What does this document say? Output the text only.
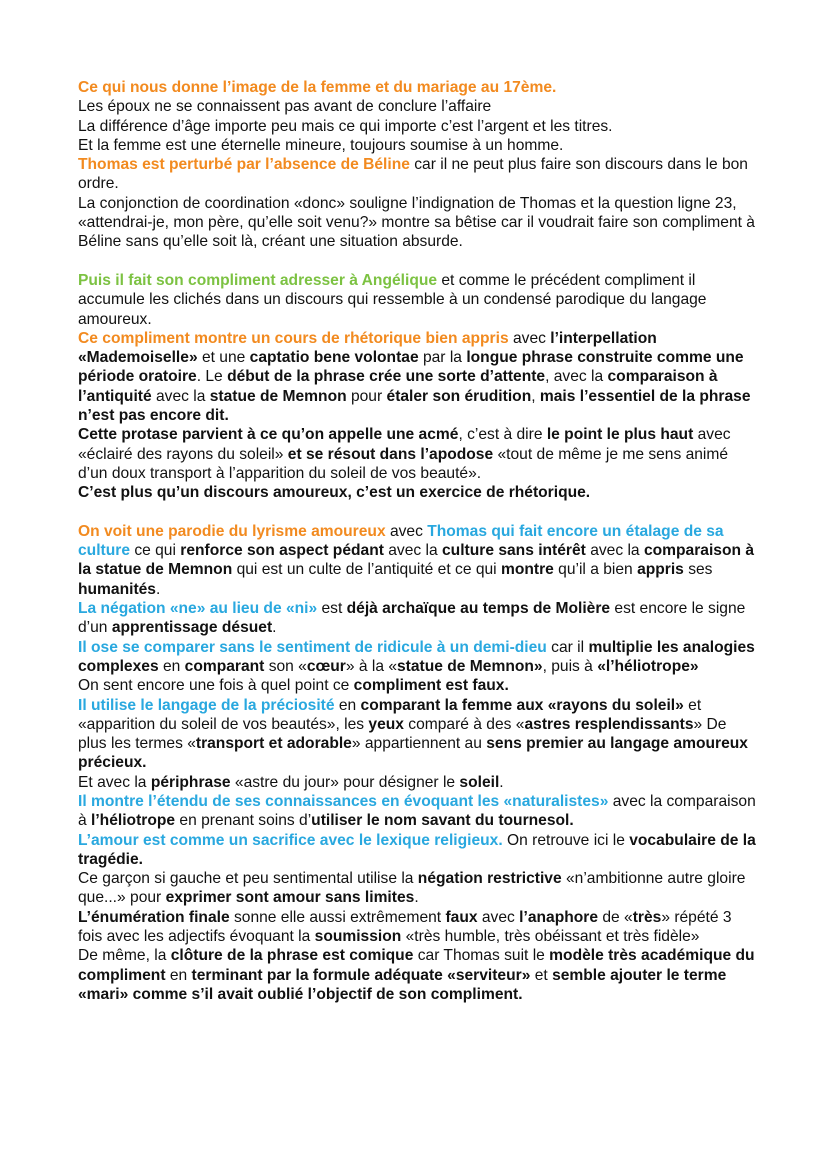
Ce qui nous donne l’image de la femme et du mariage au 17ème.

Les époux ne se connaissent pas avant de conclure l’affaire

La différence d’âge importe peu mais ce qui importe c’est l’argent et les titres.

Et la femme est une éternelle mineure, toujours soumise à un homme.

Thomas est perturbé par l’absence de Béline car il ne peut plus faire son discours dans le bon ordre.

La conjonction de coordination «donc» souligne l’indignation de Thomas et la question ligne 23, «attendrai-je, mon père, qu’elle soit venu?» montre sa bêtise car il voudrait faire son compliment à Béline sans qu’elle soit là, créant une situation absurde.

Puis il fait son compliment adresser à Angélique et comme le précédent compliment il accumule les clichés dans un discours qui ressemble à un condensé parodique du langage amoureux.

Ce compliment montre un cours de rhétorique bien appris avec l’interpellation «Mademoiselle» et une captatio bene volontae par la longue phrase construite comme une période oratoire. Le début de la phrase crée une sorte d’attente, avec la comparaison à l’antiquité avec la statue de Memnon pour étaler son érudition, mais l’essentiel de la phrase n’est pas encore dit.

Cette protase parvient à ce qu’on appelle une acmé, c’est à dire le point le plus haut avec «éclairé des rayons du soleil» et se résout dans l’apodose «tout de même je me sens animé d’un doux transport à l’apparition du soleil de vos beauté».

C’est plus qu’un discours amoureux, c’est un exercice de rhétorique.

On voit une parodie du lyrisme amoureux avec Thomas qui fait encore un étalage de sa culture ce qui renforce son aspect pédant avec la culture sans intérêt avec la comparaison à la statue de Memnon qui est un culte de l’antiquité et ce qui montre qu’il a bien appris ses humanités.

La négation «ne» au lieu de «ni» est déjà archaïque au temps de Molière est encore le signe d’un apprentissage désuet.

Il ose se comparer sans le sentiment de ridicule à un demi-dieu car il multiplie les analogies complexes en comparant son «cœur» à la «statue de Memnon», puis à «l’héliotrope»

On sent encore une fois à quel point ce compliment est faux.

Il utilise le langage de la préciosité en comparant la femme aux «rayons du soleil» et «apparition du soleil de vos beautés», les yeux comparé à des «astres resplendissants» De plus les termes «transport et adorable» appartiennent au sens premier au langage amoureux précieux.

Et avec la périphrase «astre du jour» pour désigner le soleil.

Il montre l’étendu de ses connaissances en évoquant les «naturalistes» avec la comparaison à l’héliotrope en prenant soins d’utiliser le nom savant du tournesol.

L’amour est comme un sacrifice avec le lexique religieux. On retrouve ici le vocabulaire de la tragédie.

Ce garçon si gauche et peu sentimental utilise la négation restrictive «n’ambitionne autre gloire que...» pour exprimer sont amour sans limites.

L’énumération finale sonne elle aussi extrêmement faux avec l’anaphore de «très» répété 3 fois avec les adjectifs évoquant la soumission «très humble, très obéissant et très fidèle»

De même, la clôture de la phrase est comique car Thomas suit le modèle très académique du compliment en terminant par la formule adéquate «serviteur» et semble ajouter le terme «mari» comme s’il avait oublié l’objectif de son compliment.
